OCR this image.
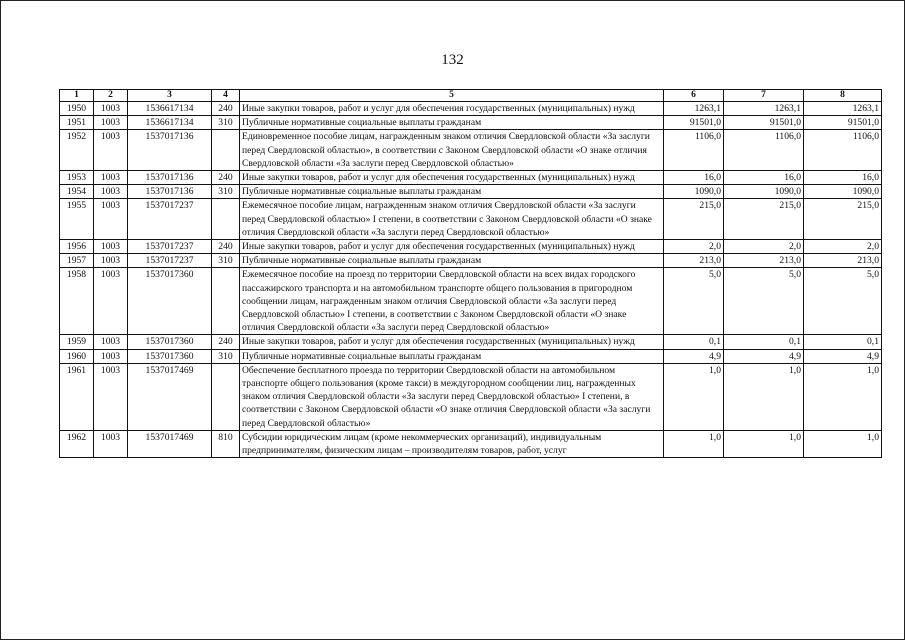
132
1	2	3	4	5	6	7	8
1950	1003	1536617134	240	Иные закупки товаров, работ и услуг для обеспечения государственных (муниципальных) нужд	1263,1	1263,1	1263,1
1951	1003	1536617134	310	Публичные нормативные социальные выплаты гражданам	91501,0	91501,0	91501,0
1952	1003	1537017136		Единовременное пособие лицам, награжденным знаком отличия Свердловской области «За заслуги перед Свердловской областью», в соответствии с Законом Свердловской области «О знаке отличия Свердловской области «За заслуги перед Свердловской областью»	1106,0	1106,0	1106,0
1953	1003	1537017136	240	Иные закупки товаров, работ и услуг для обеспечения государственных (муниципальных) нужд	16,0	16,0	16,0
1954	1003	1537017136	310	Публичные нормативные социальные выплаты гражданам	1090,0	1090,0	1090,0
1955	1003	1537017237		Ежемесячное пособие лицам, награжденным знаком отличия Свердловской области «За заслуги перед Свердловской областью» I степени, в соответствии с Законом Свердловской области «О знаке отличия Свердловской области «За заслуги перед Свердловской областью»	215,0	215,0	215,0
1956	1003	1537017237	240	Иные закупки товаров, работ и услуг для обеспечения государственных (муниципальных) нужд	2,0	2,0	2,0
1957	1003	1537017237	310	Публичные нормативные социальные выплаты гражданам	213,0	213,0	213,0
1958	1003	1537017360		Ежемесячное пособие на проезд по территории Свердловской области на всех видах городского пассажирского транспорта и на автомобильном транспорте общего пользования в пригородном сообщении лицам, награжденным знаком отличия Свердловской области «За заслуги перед Свердловской областью» I степени, в соответствии с Законом Свердловской области «О знаке отличия Свердловской области «За заслуги перед Свердловской областью»	5,0	5,0	5,0
1959	1003	1537017360	240	Иные закупки товаров, работ и услуг для обеспечения государственных (муниципальных) нужд	0,1	0,1	0,1
1960	1003	1537017360	310	Публичные нормативные социальные выплаты гражданам	4,9	4,9	4,9
1961	1003	1537017469		Обеспечение бесплатного проезда по территории Свердловской области на автомобильном транспорте общего пользования (кроме такси) в междугородном сообщении лиц, награжденных знаком отличия Свердловской области «За заслуги перед Свердловской областью» I степени, в соответствии с Законом Свердловской области «О знаке отличия Свердловской области «За заслуги перед Свердловской областью»	1,0	1,0	1,0
1962	1003	1537017469	810	Субсидии юридическим лицам (кроме некоммерческих организаций), индивидуальным предпринимателям, физическим лицам – производителям товаров, работ, услуг	1,0	1,0	1,0
